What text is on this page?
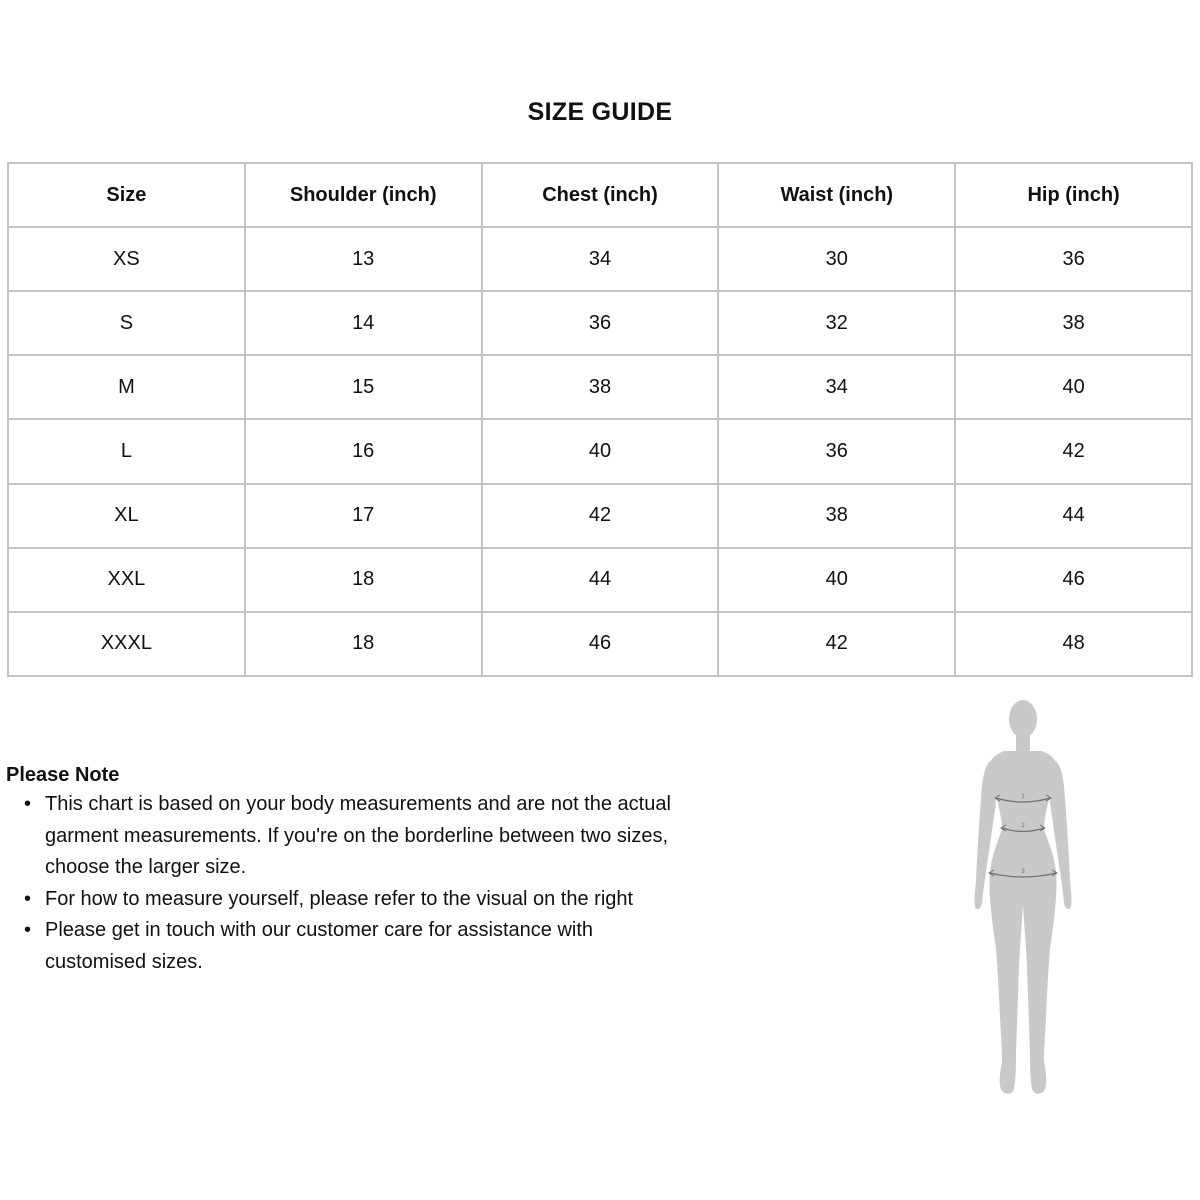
SIZE GUIDE
Size	Shoulder (inch)	Chest (inch)	Waist (inch)	Hip (inch)
XS	13	34	30	36
S	14	36	32	38
M	15	38	34	40
L	16	40	36	42
XL	17	42	38	44
XXL	18	44	40	46
XXXL	18	46	42	48
Please Note
• This chart is based on your body measurements and are not the actual garment measurements. If you're on the borderline between two sizes, choose the larger size.
• For how to measure yourself, please refer to the visual on the right
• Please get in touch with our customer care for assistance with customised sizes.
1
2
3
